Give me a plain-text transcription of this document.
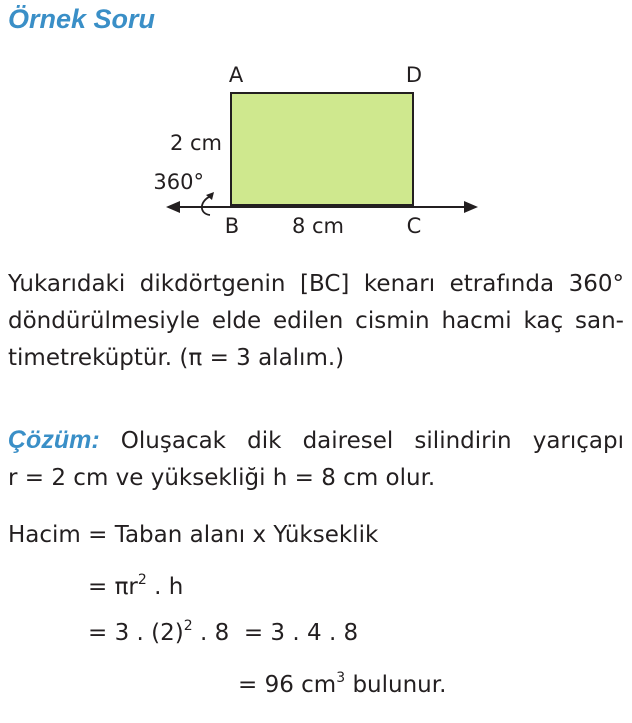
Örnek Soru
A	D
2 cm
360°
B	8 cm	C
Yukarıdaki dikdörtgenin [BC] kenarı etrafında 360°
döndürülmesiyle elde edilen cismin hacmi kaç san-
timetreküptür. (π = 3 alalım.)
Çözüm: Oluşacak dik dairesel silindirin yarıçapı
r = 2 cm ve yüksekliği h = 8 cm olur.
Hacim = Taban alanı x Yükseklik
= $\pi r^2$ . h
= 3 . $(2)^2$ . 8  = 3 . 4 . 8
= 96 $cm^3$ bulunur.
